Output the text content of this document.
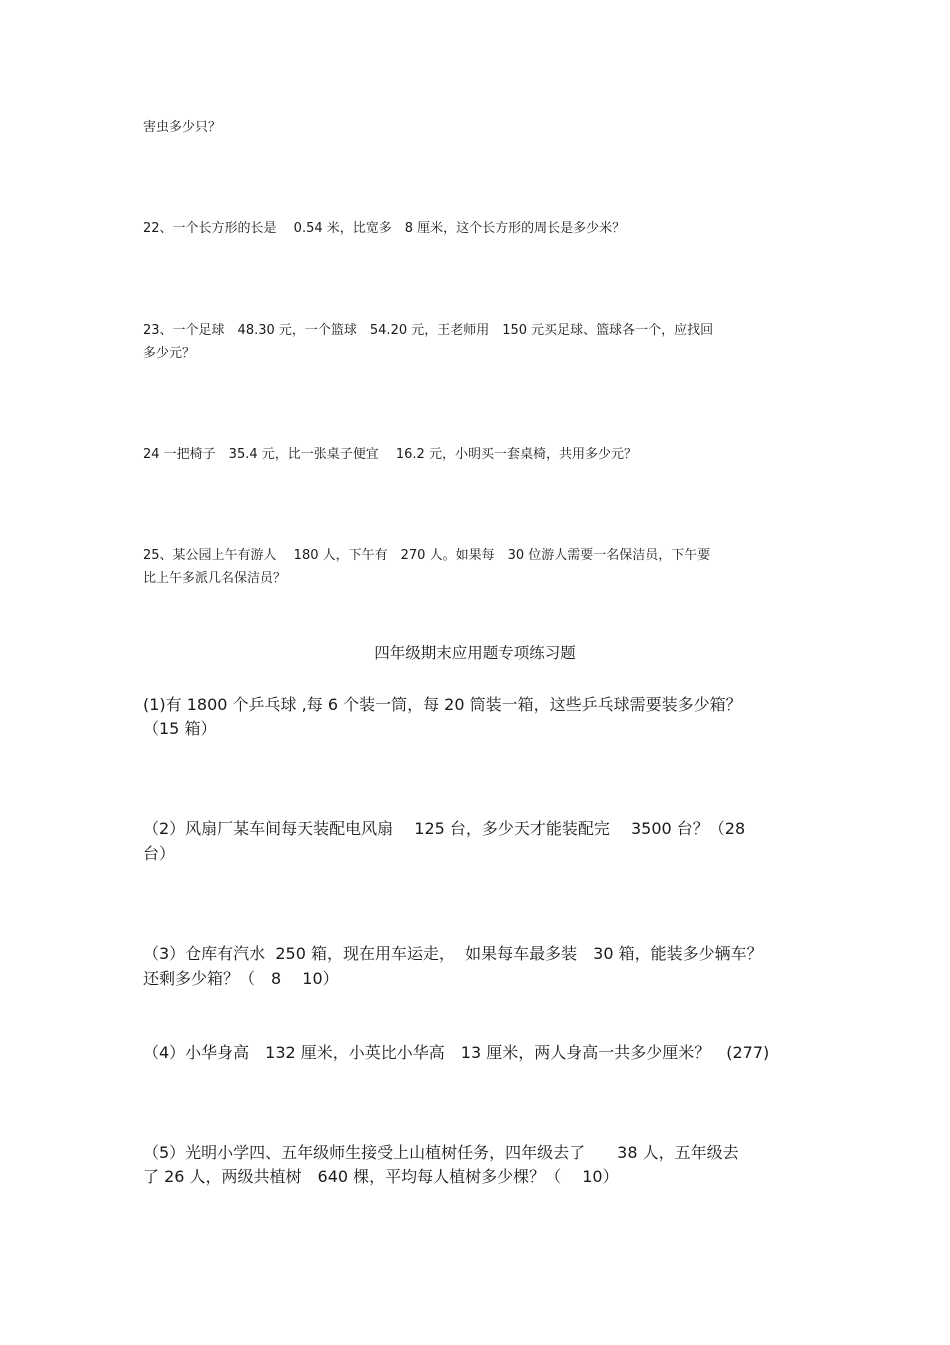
害虫多少只？
22、一个长方形的长是　 0.54 米，比宽多　8 厘米，这个长方形的周长是多少米？
23、一个足球　48.30 元，一个篮球　54.20 元，王老师用　150 元买足球、篮球各一个，应找回
多少元？
24 一把椅子　35.4 元，比一张桌子便宜　 16.2 元，小明买一套桌椅，共用多少元？
25、某公园上午有游人　 180 人，下午有　270 人。如果每　30 位游人需要一名保洁员，下午要
比上午多派几名保洁员？
四年级期末应用题专项练习题
(1)有 1800 个乒乓球 ,每 6 个装一筒，每 20 筒装一箱，这些乒乓球需要装多少箱？
（15 箱）
（2）风扇厂某车间每天装配电风扇　 125 台，多少天才能装配完　 3500 台？（28
台）
（3）仓库有汽水  250 箱，现在用车运走，  如果每车最多装　30 箱，能装多少辆车？
还剩多少箱？（　8　 10）
（4）小华身高　132 厘米，小英比小华高　13 厘米，两人身高一共多少厘米？　(277)
（5）光明小学四、五年级师生接受上山植树任务，四年级去了　　38 人，五年级去
了 26 人，两级共植树　640 棵，平均每人植树多少棵？（　 10）
